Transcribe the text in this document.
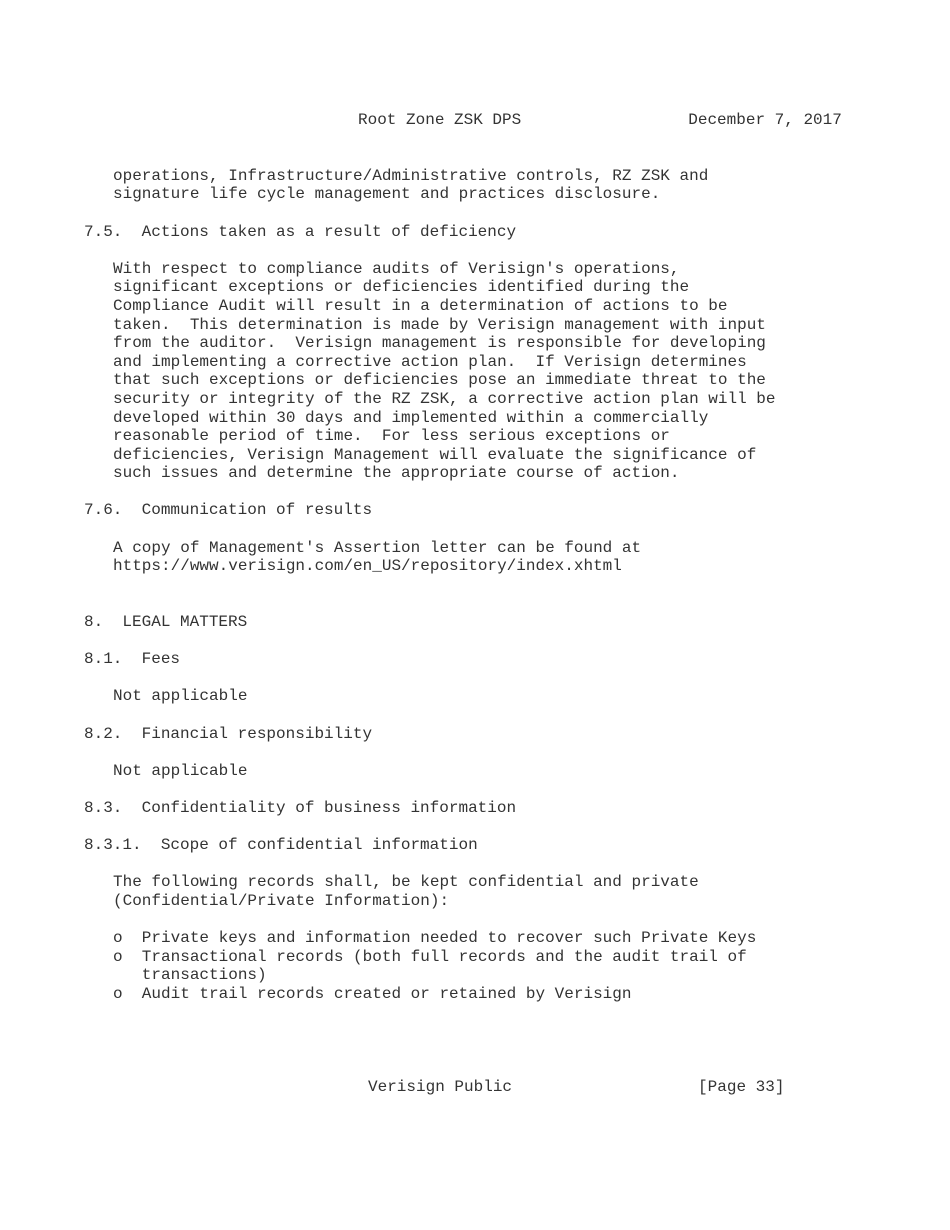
Root Zone ZSK DPS	December 7, 2017
operations, Infrastructure/Administrative controls, RZ ZSK and
signature life cycle management and practices disclosure.
7.5.  Actions taken as a result of deficiency
With respect to compliance audits of Verisign's operations,
significant exceptions or deficiencies identified during the
Compliance Audit will result in a determination of actions to be
taken.  This determination is made by Verisign management with input
from the auditor.  Verisign management is responsible for developing
and implementing a corrective action plan.  If Verisign determines
that such exceptions or deficiencies pose an immediate threat to the
security or integrity of the RZ ZSK, a corrective action plan will be
developed within 30 days and implemented within a commercially
reasonable period of time.  For less serious exceptions or
deficiencies, Verisign Management will evaluate the significance of
such issues and determine the appropriate course of action.
7.6.  Communication of results
A copy of Management's Assertion letter can be found at
https://www.verisign.com/en_US/repository/index.xhtml
8.  LEGAL MATTERS
8.1.  Fees
Not applicable
8.2.  Financial responsibility
Not applicable
8.3.  Confidentiality of business information
8.3.1.  Scope of confidential information
The following records shall, be kept confidential and private
(Confidential/Private Information):
o  Private keys and information needed to recover such Private Keys
o  Transactional records (both full records and the audit trail of
transactions)
o  Audit trail records created or retained by Verisign
Verisign Public	[Page 33]
